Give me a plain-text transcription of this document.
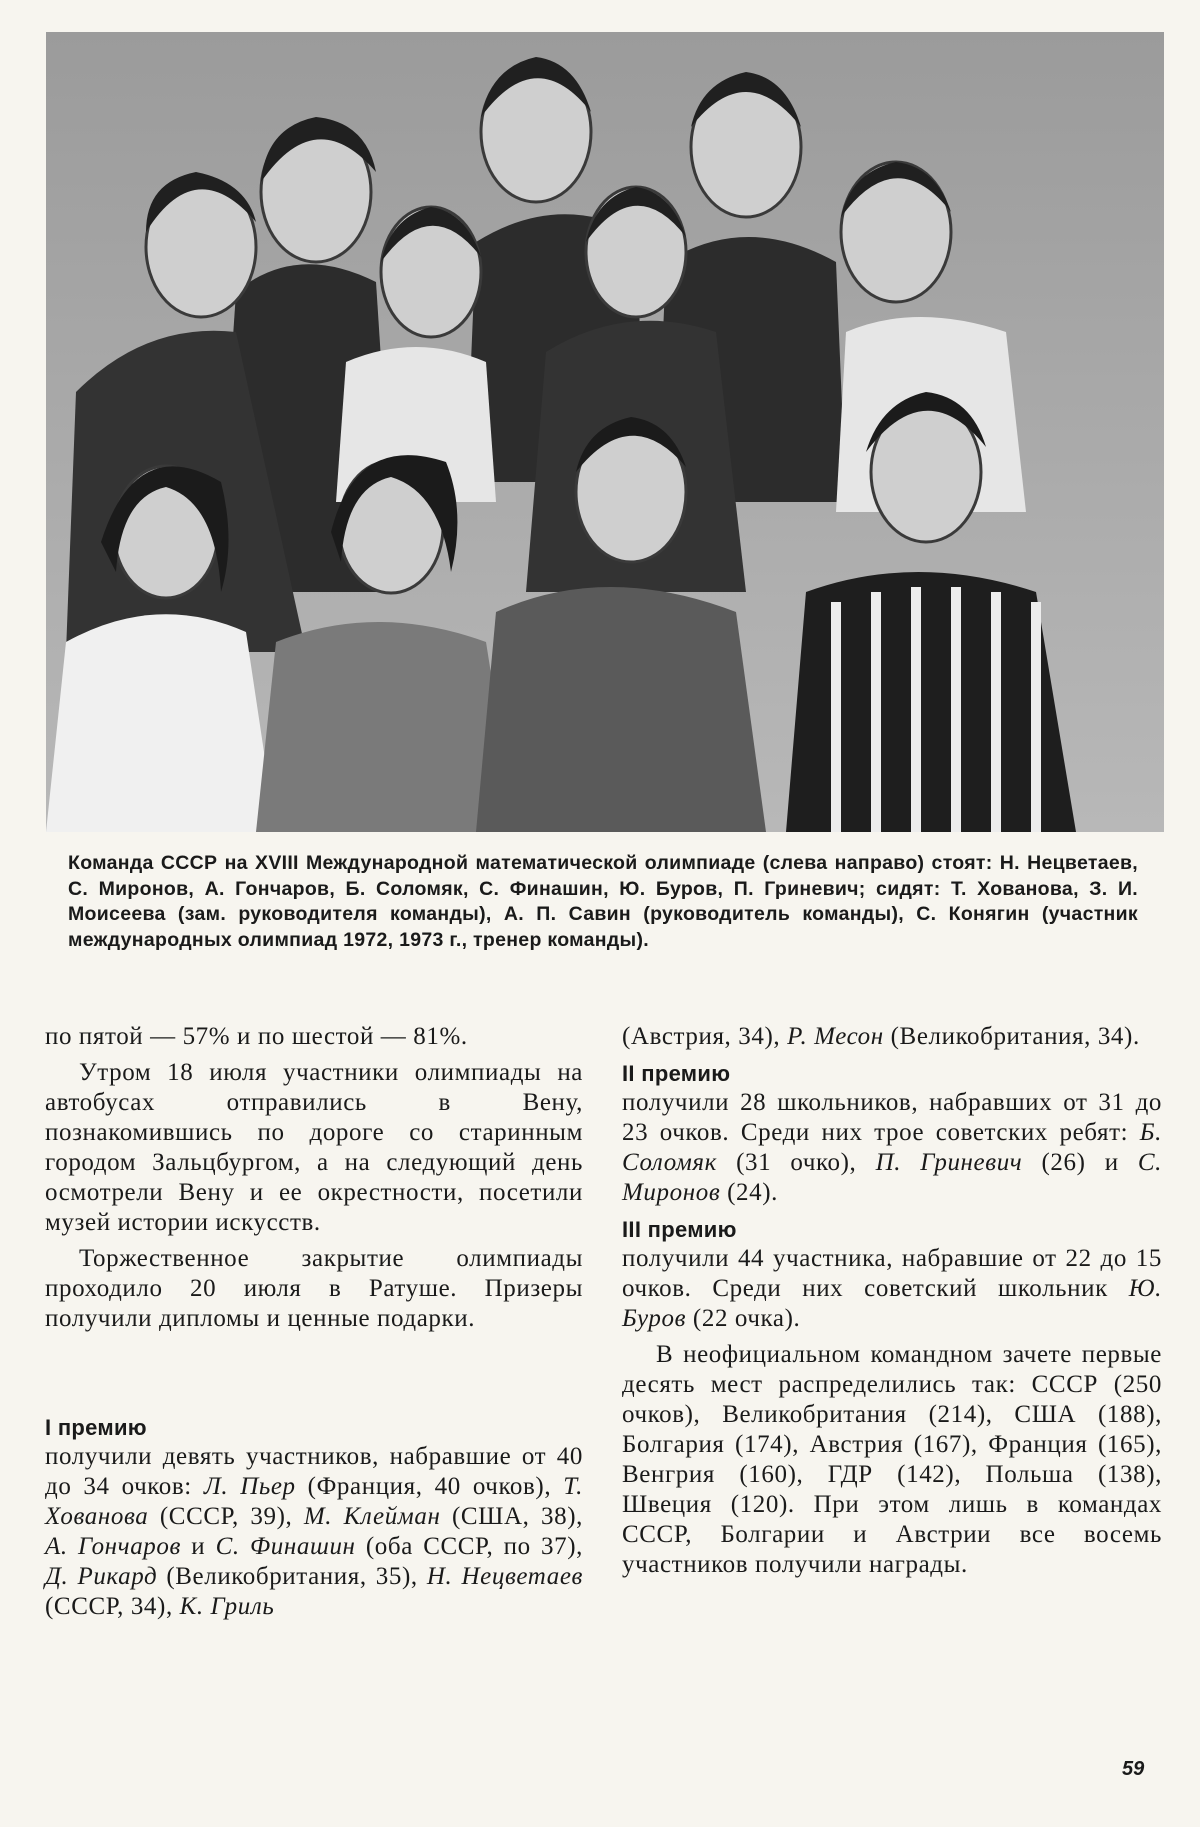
Команда СССР на XVIII Международной математической олимпиаде (слева направо) стоят: Н. Нецветаев, С. Миронов, А. Гончаров, Б. Соломяк, С. Финашин, Ю. Буров, П. Гриневич; сидят: Т. Хованова, З. И. Моисеева (зам. руководителя команды), А. П. Савин (руководитель команды), С. Конягин (участник международных олимпиад 1972, 1973 г., тренер команды).

по пятой — 57% и по шестой — 81%.

Утром 18 июля участники олимпиады на автобусах отправились в Вену, познакомившись по дороге со старинным городом Зальцбургом, а на следующий день осмотрели Вену и ее окрестности, посетили музей истории искусств.

Торжественное закрытие олимпиады проходило 20 июля в Ратуше. Призеры получили дипломы и ценные подарки.

I премию

получили девять участников, набравшие от 40 до 34 очков: Л. Пьер (Франция, 40 очков), Т. Хованова (СССР, 39), М. Клейман (США, 38), А. Гончаров и С. Финашин (оба СССР, по 37), Д. Рикард (Великобритания, 35), Н. Нецветаев (СССР, 34), К. Гриль

(Австрия, 34), Р. Месон (Великобритания, 34).

II премию

получили 28 школьников, набравших от 31 до 23 очков. Среди них трое советских ребят: Б. Соломяк (31 очко), П. Гриневич (26) и С. Миронов (24).

III премию

получили 44 участника, набравшие от 22 до 15 очков. Среди них советский школьник Ю. Буров (22 очка).

В неофициальном командном зачете первые десять мест распределились так: СССР (250 очков), Великобритания (214), США (188), Болгария (174), Австрия (167), Франция (165), Венгрия (160), ГДР (142), Польша (138), Швеция (120). При этом лишь в командах СССР, Болгарии и Австрии все восемь участников получили награды.

59
